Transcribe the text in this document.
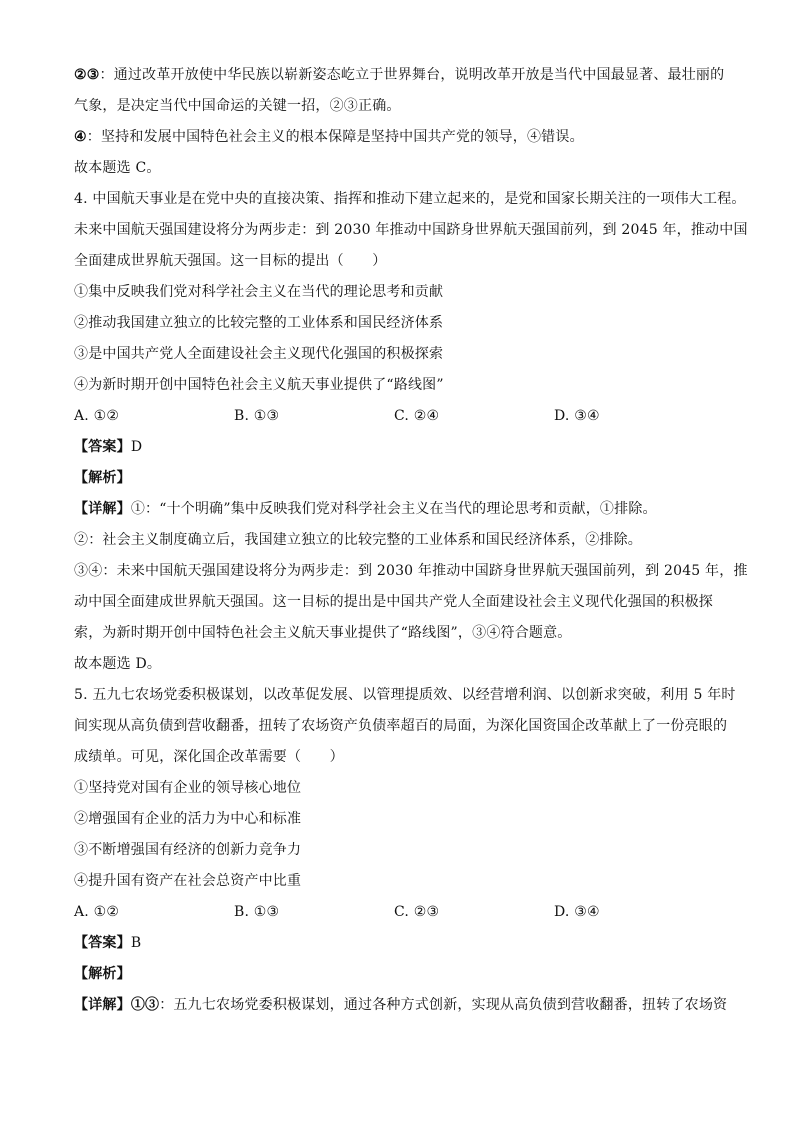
②③：通过改革开放使中华民族以崭新姿态屹立于世界舞台，说明改革开放是当代中国最显著、最壮丽的
气象，是决定当代中国命运的关键一招，②③正确。
④：坚持和发展中国特色社会主义的根本保障是坚持中国共产党的领导，④错误。
故本题选 C。
4. 中国航天事业是在党中央的直接决策、指挥和推动下建立起来的，是党和国家长期关注的一项伟大工程。
未来中国航天强国建设将分为两步走：到 2030 年推动中国跻身世界航天强国前列，到 2045 年，推动中国
全面建成世界航天强国。这一目标的提出（　　）
①集中反映我们党对科学社会主义在当代的理论思考和贡献
②推动我国建立独立的比较完整的工业体系和国民经济体系
③是中国共产党人全面建设社会主义现代化强国的积极探索
④为新时期开创中国特色社会主义航天事业提供了“路线图”
A. ①②	B. ①③	C. ②④	D. ③④
【答案】D
【解析】
【详解】①：“十个明确”集中反映我们党对科学社会主义在当代的理论思考和贡献，①排除。
②：社会主义制度确立后，我国建立独立的比较完整的工业体系和国民经济体系，②排除。
③④：未来中国航天强国建设将分为两步走：到 2030 年推动中国跻身世界航天强国前列，到 2045 年，推
动中国全面建成世界航天强国。这一目标的提出是中国共产党人全面建设社会主义现代化强国的积极探
索，为新时期开创中国特色社会主义航天事业提供了“路线图”，③④符合题意。
故本题选 D。
5. 五九七农场党委积极谋划，以改革促发展、以管理提质效、以经营增利润、以创新求突破，利用 5 年时
间实现从高负债到营收翻番，扭转了农场资产负债率超百的局面，为深化国资国企改革献上了一份亮眼的
成绩单。可见，深化国企改革需要（　　）
①坚持党对国有企业的领导核心地位
②增强国有企业的活力为中心和标准
③不断增强国有经济的创新力竞争力
④提升国有资产在社会总资产中比重
A. ①②	B. ①③	C. ②③	D. ③④
【答案】B
【解析】
【详解】①③：五九七农场党委积极谋划，通过各种方式创新，实现从高负债到营收翻番，扭转了农场资
